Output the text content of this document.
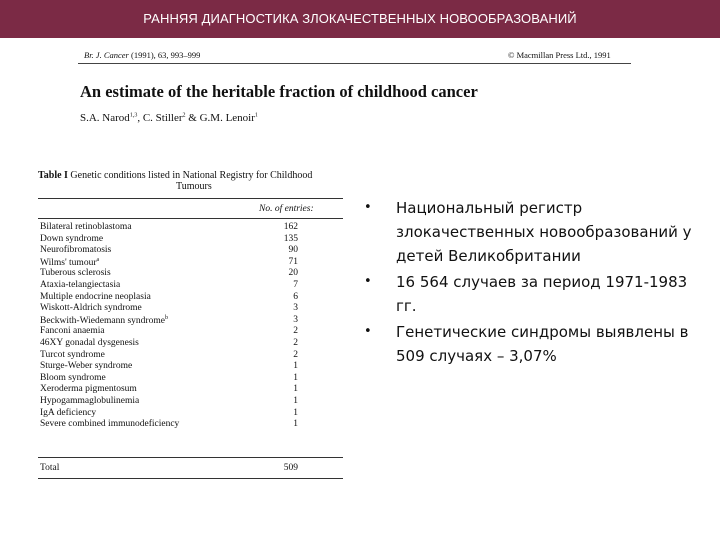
РАННЯЯ ДИАГНОСТИКА ЗЛОКАЧЕСТВЕННЫХ НОВООБРАЗОВАНИЙ
Br. J. Cancer (1991), 63, 993–999	© Macmillan Press Ltd., 1991
An estimate of the heritable fraction of childhood cancer
S.A. Narod$^{1,3}$, C. Stiller$^2$ & G.M. Lenoir$^1$
Table I Genetic conditions listed in National Registry for Childhood
Tumours
No. of entries:
Bilateral retinoblastoma	162
Down syndrome	135
Neurofibromatosis	90
Wilms' tumour$^a$	71
Tuberous sclerosis	20
Ataxia-telangiectasia	7
Multiple endocrine neoplasia	6
Wiskott-Aldrich syndrome	3
Beckwith-Wiedemann syndrome$^b$	3
Fanconi anaemia	2
46XY gonadal dysgenesis	2
Turcot syndrome	2
Sturge-Weber syndrome	1
Bloom syndrome	1
Xeroderma pigmentosum	1
Hypogammaglobulinemia	1
IgA deficiency	1
Severe combined immunodeficiency	1
Total	509
• Национальный регистр злокачественных новообразований у детей Великобритании
• 16 564 случаев за период 1971-1983 гг.
• Генетические синдромы выявлены в 509 случаях – 3,07%
